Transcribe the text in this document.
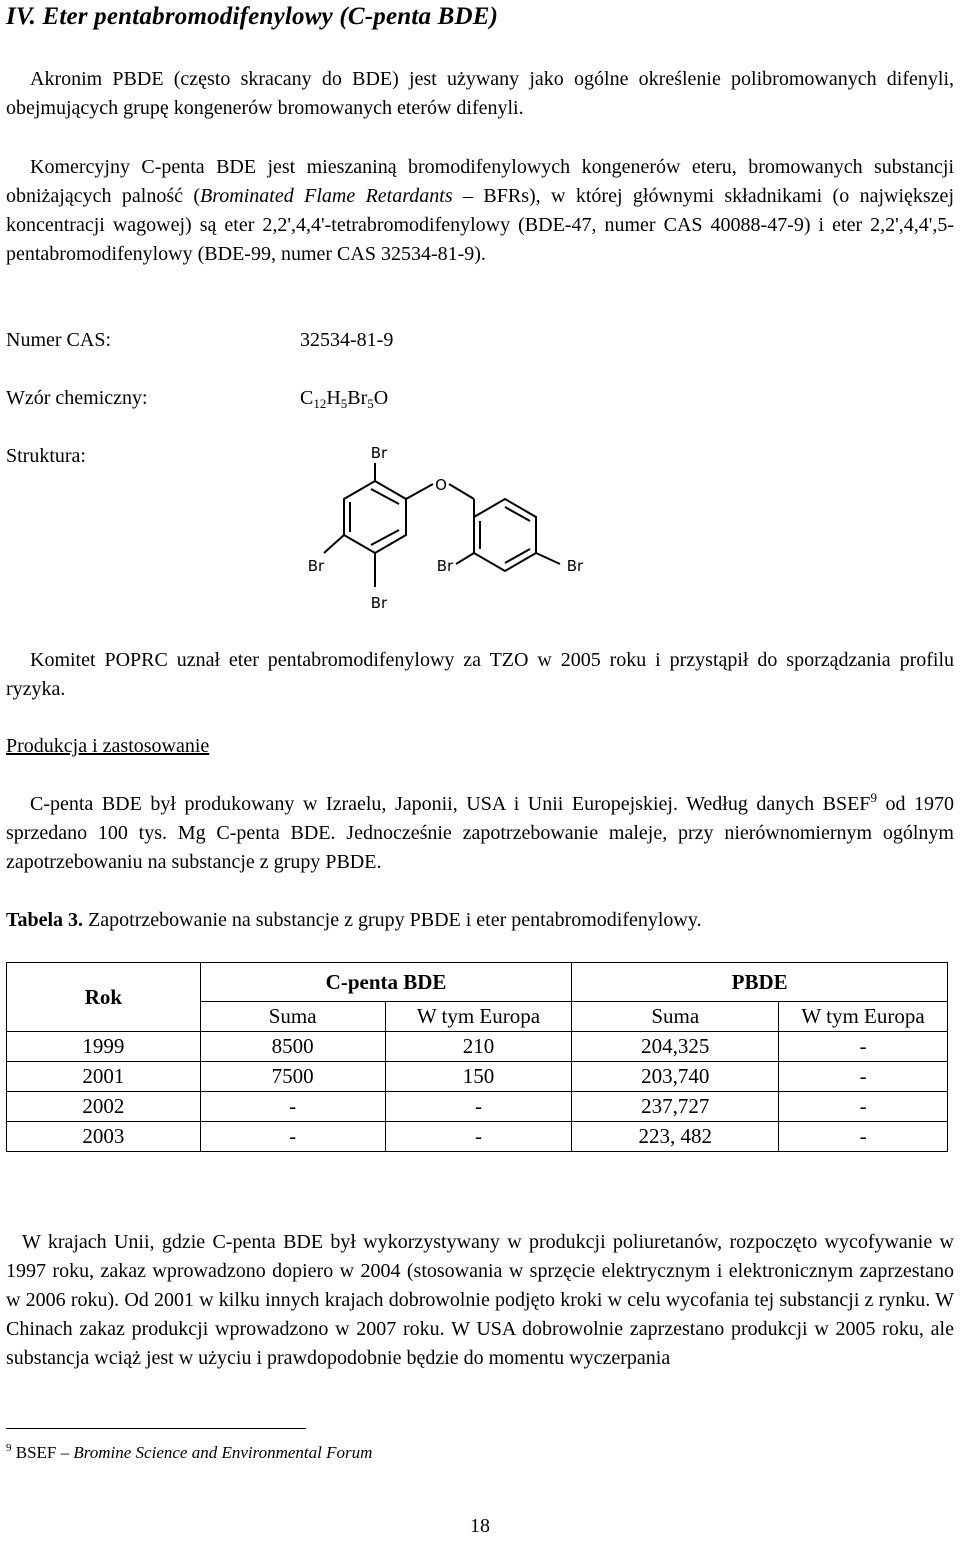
IV. Eter pentabromodifenylowy (C-penta BDE)

Akronim PBDE (często skracany do BDE) jest używany jako ogólne określenie polibromowanych difenyli, obejmujących grupę kongenerów bromowanych eterów difenyli.

Komercyjny C-penta BDE jest mieszaniną bromodifenylowych kongenerów eteru, bromowanych substancji obniżających palność (Brominated Flame Retardants – BFRs), w której głównymi składnikami (o największej koncentracji wagowej) są eter 2,2',4,4'-tetrabromodifenylowy (BDE-47, numer CAS 40088-47-9) i eter 2,2',4,4',5-pentabromodifenylowy (BDE-99, numer CAS 32534-81-9).

Numer CAS:	32534-81-9
Wzór chemiczny:	$C_{12}H_5Br_5O$
Struktura:	Br
O
Br	Br	Br
Br

Komitet POPRC uznał eter pentabromodifenylowy za TZO w 2005 roku i przystąpił do sporządzania profilu ryzyka.

Produkcja i zastosowanie

C-penta BDE był produkowany w Izraelu, Japonii, USA i Unii Europejskiej. Według danych BSEF$^9$ od 1970 sprzedano 100 tys. Mg C-penta BDE. Jednocześnie zapotrzebowanie maleje, przy nierównomiernym ogólnym zapotrzebowaniu na substancje z grupy PBDE.

Tabela 3. Zapotrzebowanie na substancje z grupy PBDE i eter pentabromodifenylowy.

Rok	C-penta BDE		PBDE	
	Suma	W tym Europa	Suma	W tym Europa
1999	8500	210	204,325	-
2001	7500	150	203,740	-
2002	-	-	237,727	-
2003	-	-	223, 482	-

W krajach Unii, gdzie C-penta BDE był wykorzystywany w produkcji poliuretanów, rozpoczęto wycofywanie w 1997 roku, zakaz wprowadzono dopiero w 2004 (stosowania w sprzęcie elektrycznym i elektronicznym zaprzestano w 2006 roku). Od 2001 w kilku innych krajach dobrowolnie podjęto kroki w celu wycofania tej substancji z rynku. W Chinach zakaz produkcji wprowadzono w 2007 roku. W USA dobrowolnie zaprzestano produkcji w 2005 roku, ale substancja wciąż jest w użyciu i prawdopodobnie będzie do momentu wyczerpania

$^9$ BSEF – Bromine Science and Environmental Forum
18
